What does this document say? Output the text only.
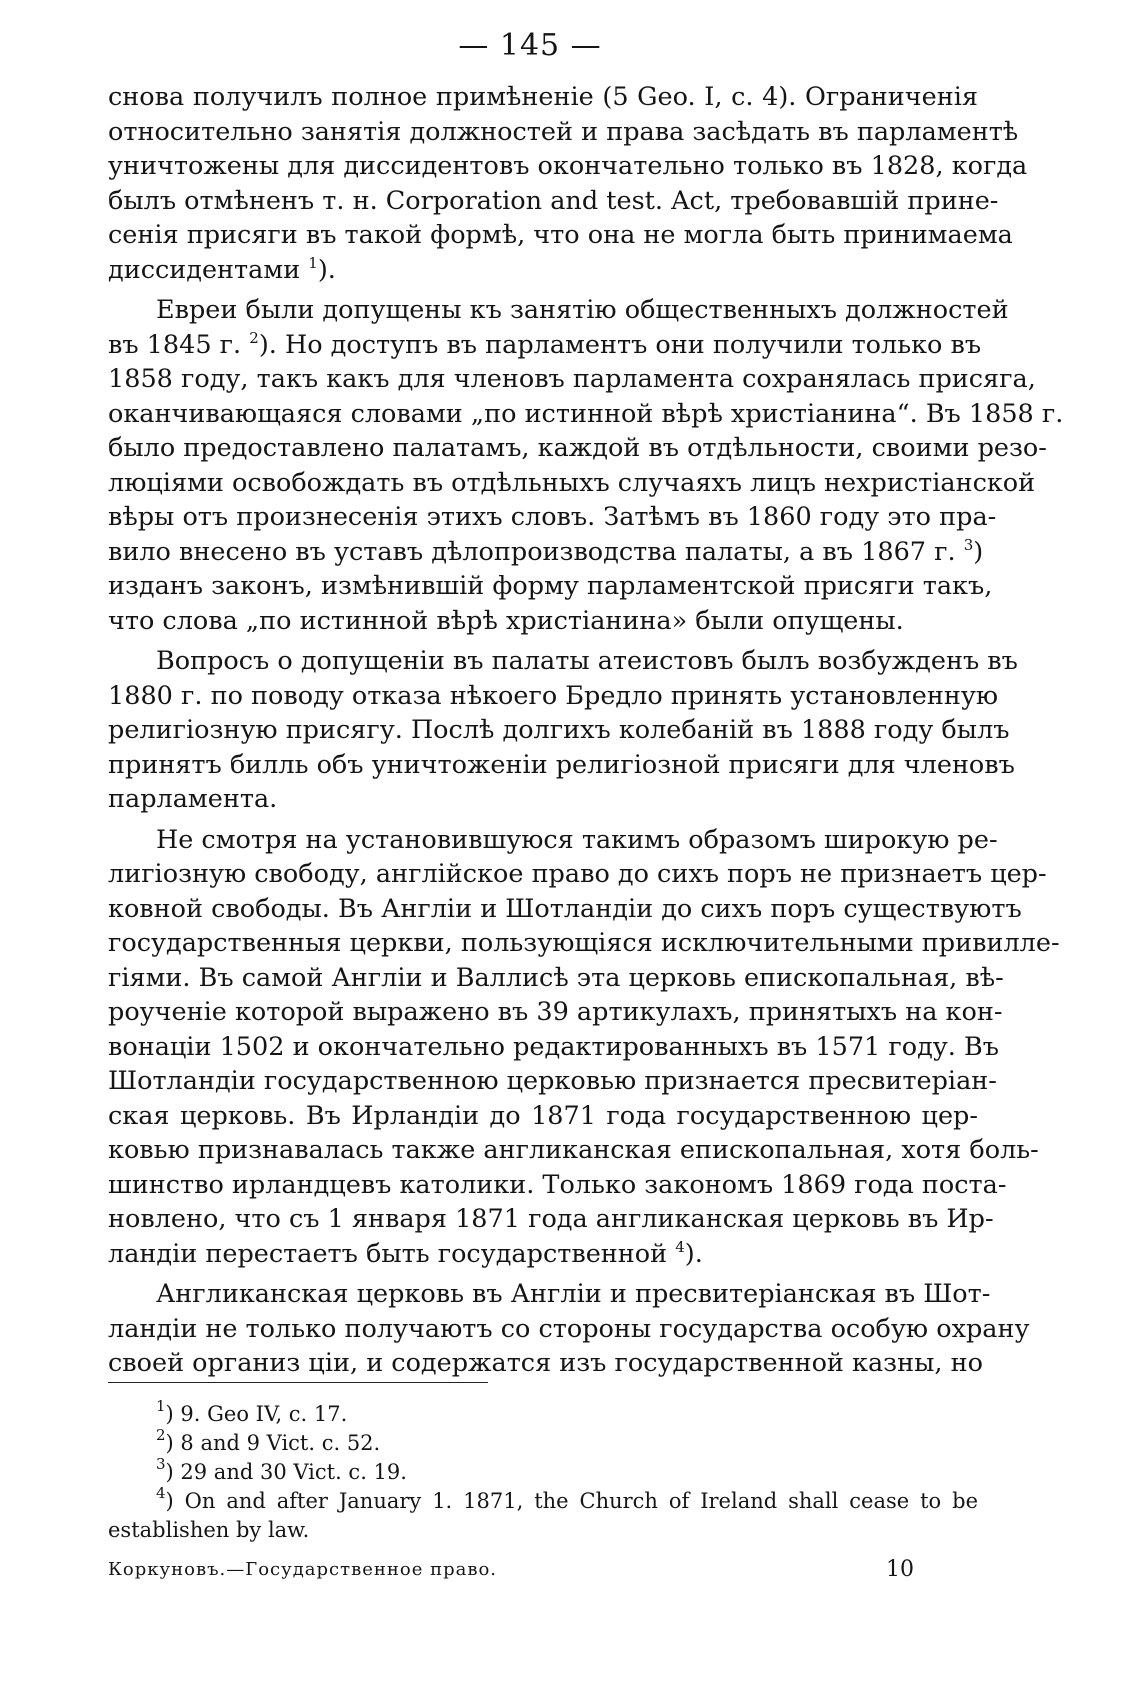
— 145 —
снова получилъ полное примѣненіе (5 Geo. I, c. 4). Ограниченія
относительно занятія должностей и права засѣдать въ парламентѣ
уничтожены для диссидентовъ окончательно только въ 1828, когда
былъ отмѣненъ т. н. Corporation and test. Act, требовавшій прине-
сенія присяги въ такой формѣ, что она не могла быть принимаема
диссидентами $^1$).
Евреи были допущены къ занятію общественныхъ должностей
въ 1845 г. $^2$). Но доступъ въ парламентъ они получили только въ
1858 году, такъ какъ для членовъ парламента сохранялась присяга,
оканчивающаяся словами „по истинной вѣрѣ христіанина“. Въ 1858 г.
было предоставлено палатамъ, каждой въ отдѣльности, своими резо-
люціями освобождать въ отдѣльныхъ случаяхъ лицъ нехристіанской
вѣры отъ произнесенія этихъ словъ. Затѣмъ въ 1860 году это пра-
вило внесено въ уставъ дѣлопроизводства палаты, а въ 1867 г. $^3$)
изданъ законъ, измѣнившій форму парламентской присяги такъ,
что слова „по истинной вѣрѣ христіанина» были опущены.
Вопросъ о допущеніи въ палаты атеистовъ былъ возбужденъ въ
1880 г. по поводу отказа нѣкоего Бредло принять установленную
религіозную присягу. Послѣ долгихъ колебаній въ 1888 году былъ
принятъ билль объ уничтоженіи религіозной присяги для членовъ
парламента.
Не смотря на установившуюся такимъ образомъ широкую ре-
лигіозную свободу, англійское право до сихъ поръ не признаетъ цер-
ковной свободы. Въ Англіи и Шотландіи до сихъ поръ существуютъ
государственныя церкви, пользующіяся исключительными привилле-
гіями. Въ самой Англіи и Валлисѣ эта церковь епископальная, вѣ-
роученіе которой выражено въ 39 артикулахъ, принятыхъ на кон-
вонаціи 1502 и окончательно редактированныхъ въ 1571 году. Въ
Шотландіи государственною церковью признается пресвитеріан-
ская церковь. Въ Ирландіи до 1871 года государственною цер-
ковью признавалась также англиканская епископальная, хотя боль-
шинство ирландцевъ католики. Только закономъ 1869 года поста-
новлено, что съ 1 января 1871 года англиканская церковь въ Ир-
ландіи перестаетъ быть государственной $^4$).
Англиканская церковь въ Англіи и пресвитеріанская въ Шот-
ландіи не только получаютъ со стороны государства особую охрану
своей организ ціи, и содержатся изъ государственной казны, но
$^1$) 9. Geo IV, c. 17.
$^2$) 8 and 9 Vict. c. 52.
$^3$) 29 and 30 Vict. c. 19.
$^4$) On and after January 1. 1871, the Church of Ireland shall cease to be
establishen by law.
Коркуновъ.—Государственное право.	10
